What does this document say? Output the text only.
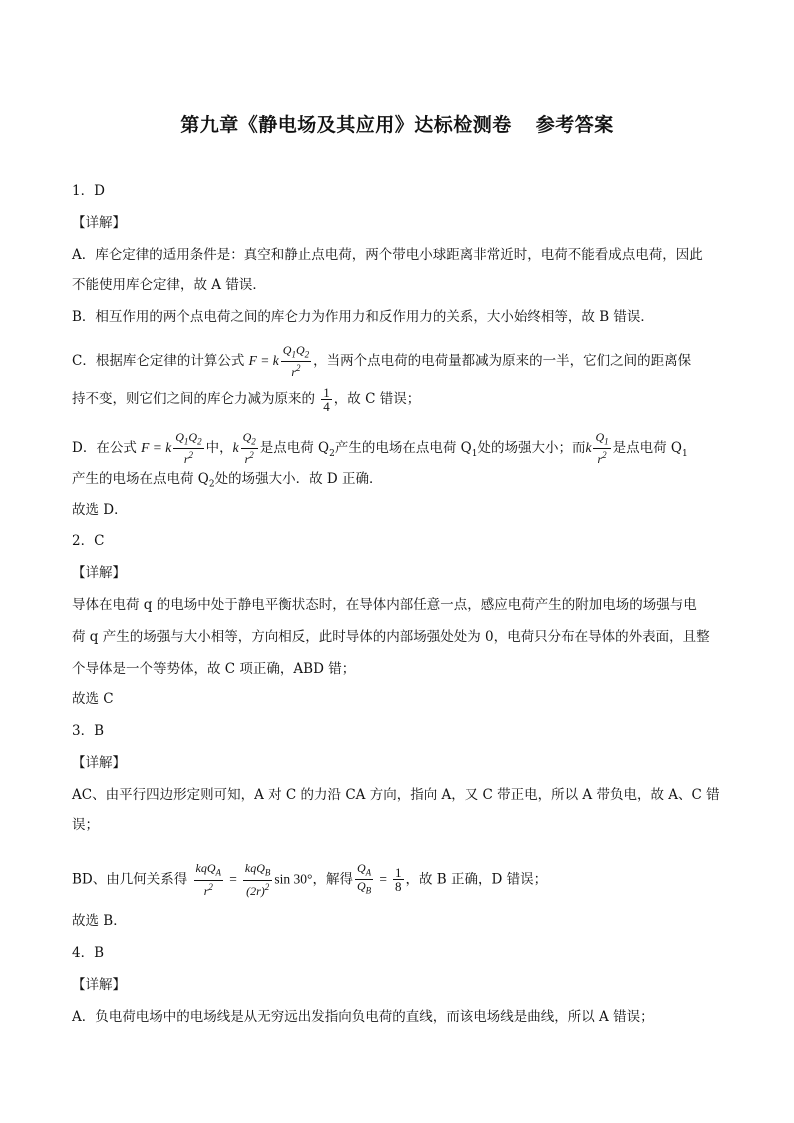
第九章《静电场及其应用》达标检测卷 参考答案
1．D
【详解】
A．库仑定律的适用条件是：真空和静止点电荷，两个带电小球距离非常近时，电荷不能看成点电荷，因此
不能使用库仑定律，故 A 错误．
B．相互作用的两个点电荷之间的库仑力为作用力和反作用力的关系，大小始终相等，故 B 错误．
C．根据库仑定律的计算公式 F = k $\frac{Q_1Q_2}{r^2}$ ，当两个点电荷的电荷量都减为原来的一半，它们之间的距离保
持不变，则它们之间的库仑力减为原来的 $\frac{1}{4}$ ，故 C 错误；
D．在公式 F = k $\frac{Q_1Q_2}{r^2}$ 中，k $\frac{Q_2}{r^2}$ 是点电荷 $Q_2$产生的电场在点电荷 $Q_1$处的场强大小；而k $\frac{Q_1}{r^2}$ 是点电荷 $Q_1$
产生的电场在点电荷 $Q_2$处的场强大小．故 D 正确．
故选 D．
2．C
【详解】
导体在电荷 q 的电场中处于静电平衡状态时，在导体内部任意一点，感应电荷产生的附加电场的场强与电
荷 q 产生的场强与大小相等，方向相反，此时导体的内部场强处处为 0，电荷只分布在导体的外表面，且整
个导体是一个等势体，故 C 项正确，ABD 错；
故选 C
3．B
【详解】
AC、由平行四边形定则可知，A 对 C 的力沿 CA 方向，指向 A，又 C 带正电，所以 A 带负电，故 A、C 错
误；
BD、由几何关系得 $\frac{kqQ_A}{r^2} = \frac{kqQ_B}{(2r)^2}$ sin 30°，解得 $\frac{Q_A}{Q_B} = \frac{1}{8}$ ，故 B 正确，D 错误；
故选 B．
4．B
【详解】
A．负电荷电场中的电场线是从无穷远出发指向负电荷的直线，而该电场线是曲线，所以 A 错误；
